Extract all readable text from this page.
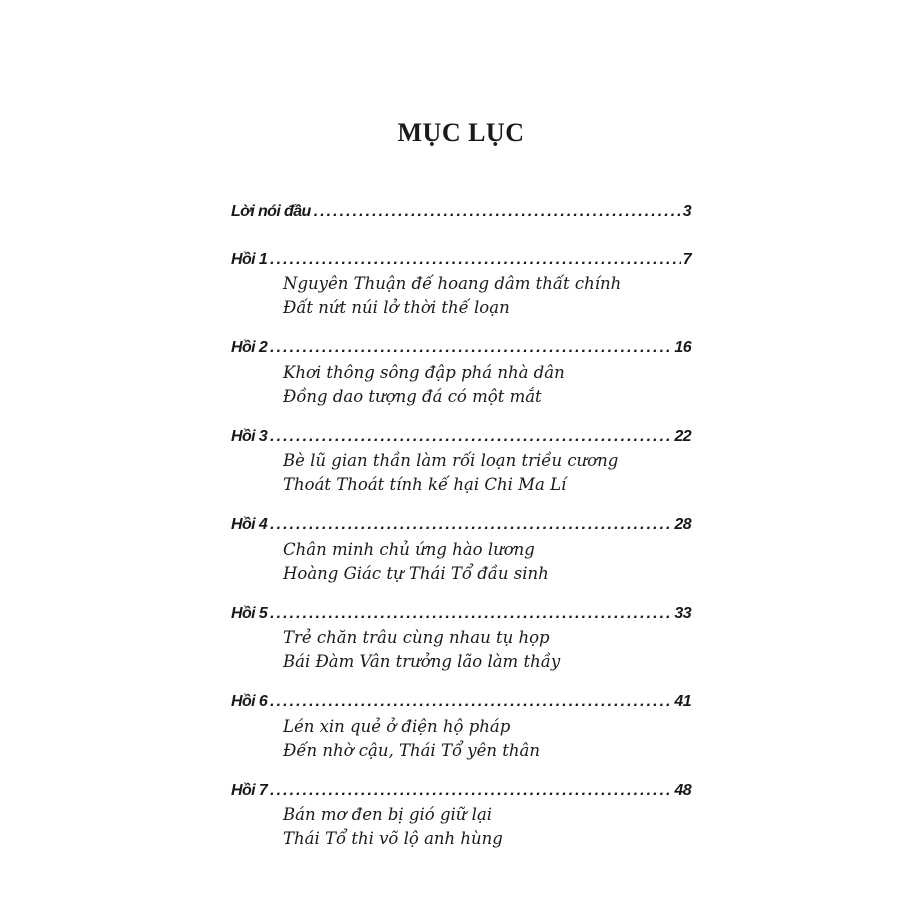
MỤC LỤC
Lời nói đầu . . .	3
Hồi 1 . . .	7
Nguyên Thuận đế hoang dâm thất chính
Đất nứt núi lở thời thế loạn
Hồi 2 . . .	16
Khơi thông sông đập phá nhà dân
Đồng dao tượng đá có một mắt
Hồi 3 . . .	22
Bè lũ gian thần làm rối loạn triều cương
Thoát Thoát tính kế hại Chi Ma Lí
Hồi 4 . . .	28
Chân minh chủ ứng hào lương
Hoàng Giác tự Thái Tổ đầu sinh
Hồi 5 . . .	33
Trẻ chăn trâu cùng nhau tụ họp
Bái Đàm Vân trưởng lão làm thầy
Hồi 6 . . .	41
Lén xin quẻ ở điện hộ pháp
Đến nhờ cậu, Thái Tổ yên thân
Hồi 7 . . .	48
Bán mơ đen bị gió giữ lại
Thái Tổ thi võ lộ anh hùng
